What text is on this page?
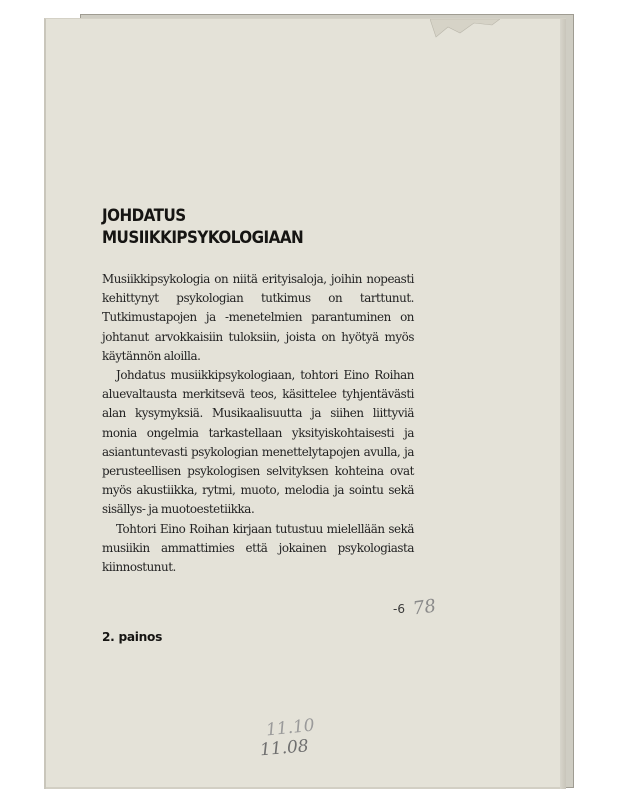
JOHDATUS
MUSIIKKIPSYKOLOGIAAN

Musiikkipsykologia on niitä erityisaloja, joihin nopeasti kehittynyt psykologian tutkimus on tarttunut. Tutkimustapojen ja -menetelmien parantuminen on johtanut arvokkaisiin tuloksiin, joista on hyötyä myös käytännön aloilla.

Johdatus musiikkipsykologiaan, tohtori Eino Roihan aluevaltausta merkitsevä teos, käsittelee tyhjentävästi alan kysymyksiä. Musikaalisuutta ja siihen liittyviä monia ongelmia tarkastellaan yksityiskohtaisesti ja asiantuntevasti psykologian menettelytapojen avulla, ja perusteellisen psykologisen selvityksen kohteina ovat myös akustiikka, rytmi, muoto, melodia ja sointu sekä sisällys- ja muotoestetiikka.

Tohtori Eino Roihan kirjaan tutustuu mielellään sekä musiikin ammattimies että jokainen psykologiasta kiinnostunut.

-6 78
2. painos
11.10
11.08
